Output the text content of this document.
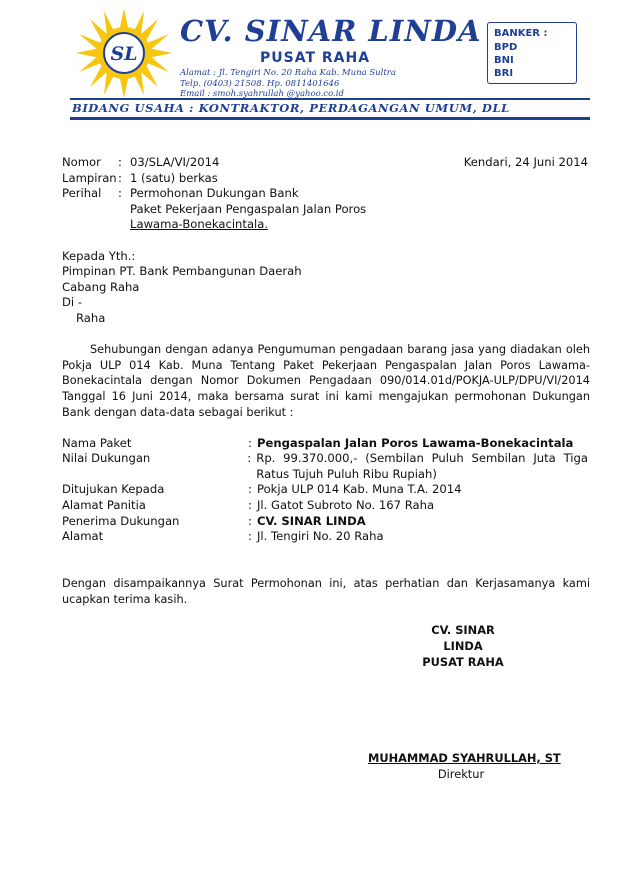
SL
CV. SINAR LINDA
PUSAT RAHA
Alamat : Jl. Tengiri No. 20 Raha Kab. Muna Sultra
Telp. (0403) 21508. Hp. 0811401646
Email : smoh.syahrullah @yahoo.co.id
BANKER :
BPD
BNI
BRI

BIDANG USAHA : KONTRAKTOR, PERDAGANGAN UMUM, DLL

Nomor	: 03/SLA/VI/2014	Kendari, 24 Juni 2014
Lampiran : 1 (satu) berkas
Perihal	: Permohonan Dukungan Bank
Paket Pekerjaan Pengaspalan Jalan Poros
Lawama-Bonekacintala.
Kepada Yth.:
Pimpinan PT. Bank Pembangunan Daerah
Cabang Raha
Di -
Raha

Sehubungan dengan adanya Pengumuman pengadaan barang jasa yang diadakan oleh Pokja ULP 014 Kab. Muna Tentang Paket Pekerjaan Pengaspalan Jalan Poros Lawama-Bonekacintala dengan Nomor Dokumen Pengadaan 090/014.01d/POKJA-ULP/DPU/VI/2014 Tanggal 16 Juni 2014, maka bersama surat ini kami mengajukan permohonan Dukungan Bank dengan data-data sebagai berikut :

Nama Paket	: Pengaspalan Jalan Poros Lawama-Bonekacintala
Nilai Dukungan	: Rp. 99.370.000,- (Sembilan Puluh Sembilan Juta Tiga Ratus Tujuh Puluh Ribu Rupiah)
Ditujukan Kepada	: Pokja ULP 014 Kab. Muna T.A. 2014
Alamat Panitia	: Jl. Gatot Subroto No. 167 Raha
Penerima Dukungan	: CV. SINAR LINDA
Alamat	: Jl. Tengiri No. 20 Raha

Dengan disampaikannya Surat Permohonan ini, atas perhatian dan Kerjasamanya kami ucapkan terima kasih.

CV. SINAR LINDA
PUSAT RAHA
MUHAMMAD SYAHRULLAH, ST
Direktur
